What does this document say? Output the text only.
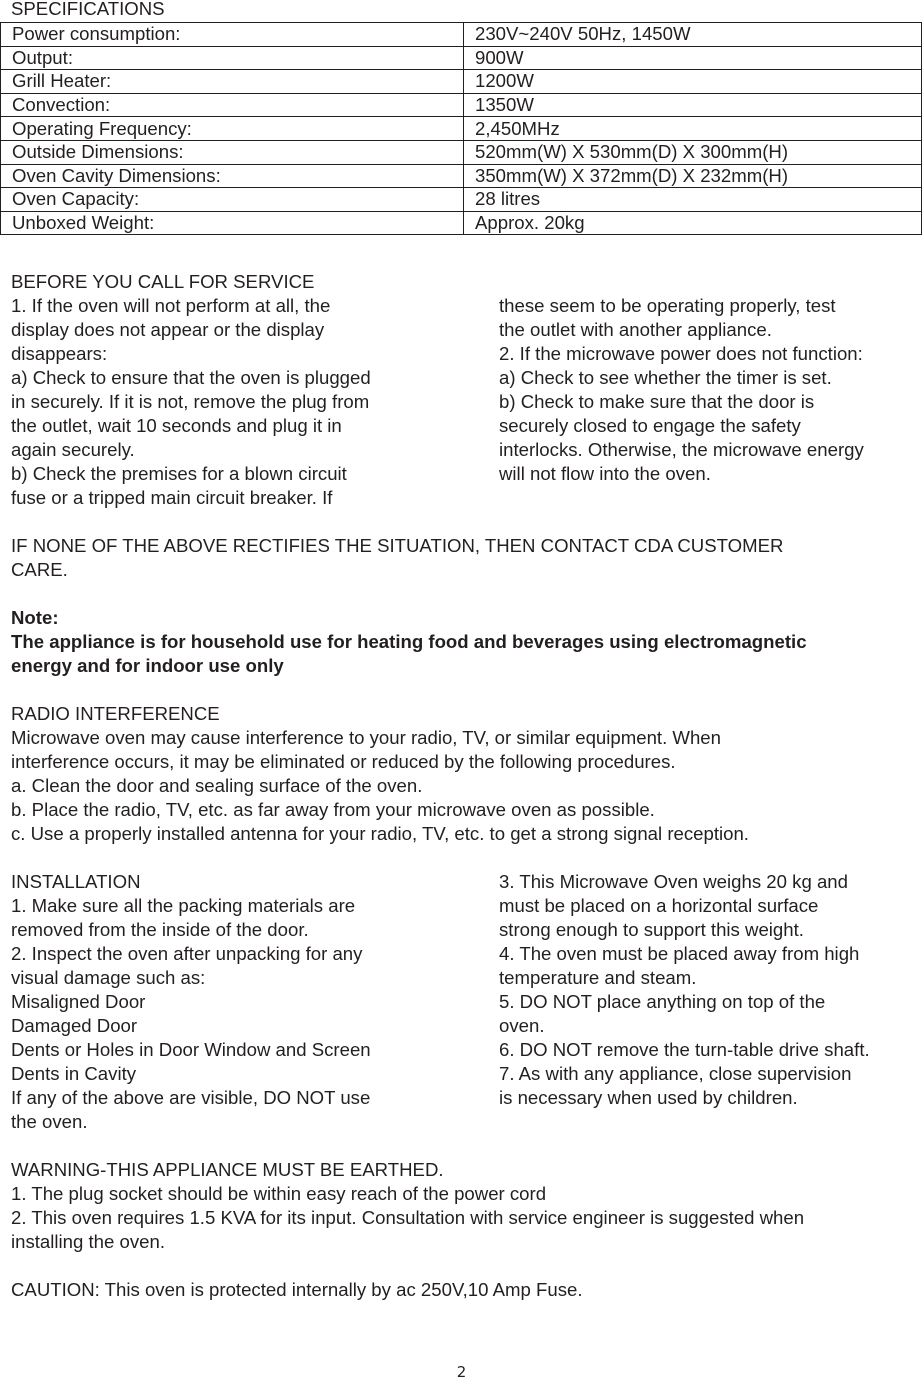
SPECIFICATIONS
Power consumption:	230V~240V 50Hz, 1450W
Output:	900W
Grill Heater:	1200W
Convection:	1350W
Operating Frequency:	2,450MHz
Outside Dimensions:	520mm(W) X 530mm(D) X 300mm(H)
Oven Cavity Dimensions:	350mm(W) X 372mm(D) X 232mm(H)
Oven Capacity:	28 litres
Unboxed Weight:	Approx. 20kg
BEFORE YOU CALL FOR SERVICE
1. If the oven will not perform at all, the
display does not appear or the display
disappears:
a) Check to ensure that the oven is plugged
in securely. If it is not, remove the plug from
the outlet, wait 10 seconds and plug it in
again securely.
b) Check the premises for a blown circuit
fuse or a tripped main circuit breaker. If
these seem to be operating properly, test
the outlet with another appliance.
2. If the microwave power does not function:
a) Check to see whether the timer is set.
b) Check to make sure that the door is
securely closed to engage the safety
interlocks. Otherwise, the microwave energy
will not flow into the oven.
IF NONE OF THE ABOVE RECTIFIES THE SITUATION, THEN CONTACT CDA CUSTOMER
CARE.
Note:
The appliance is for household use for heating food and beverages using electromagnetic
energy and for indoor use only
RADIO INTERFERENCE
Microwave oven may cause interference to your radio, TV, or similar equipment. When
interference occurs, it may be eliminated or reduced by the following procedures.
a. Clean the door and sealing surface of the oven.
b. Place the radio, TV, etc. as far away from your microwave oven as possible.
c. Use a properly installed antenna for your radio, TV, etc. to get a strong signal reception.
INSTALLATION
1. Make sure all the packing materials are
removed from the inside of the door.
2. Inspect the oven after unpacking for any
visual damage such as:
Misaligned Door
Damaged Door
Dents or Holes in Door Window and Screen
Dents in Cavity
If any of the above are visible, DO NOT use
the oven.
3. This Microwave Oven weighs 20 kg and
must be placed on a horizontal surface
strong enough to support this weight.
4. The oven must be placed away from high
temperature and steam.
5. DO NOT place anything on top of the
oven.
6. DO NOT remove the turn-table drive shaft.
7. As with any appliance, close supervision
is necessary when used by children.
WARNING-THIS APPLIANCE MUST BE EARTHED.
1. The plug socket should be within easy reach of the power cord
2. This oven requires 1.5 KVA for its input. Consultation with service engineer is suggested when
installing the oven.
CAUTION: This oven is protected internally by ac 250V,10 Amp Fuse.
2
